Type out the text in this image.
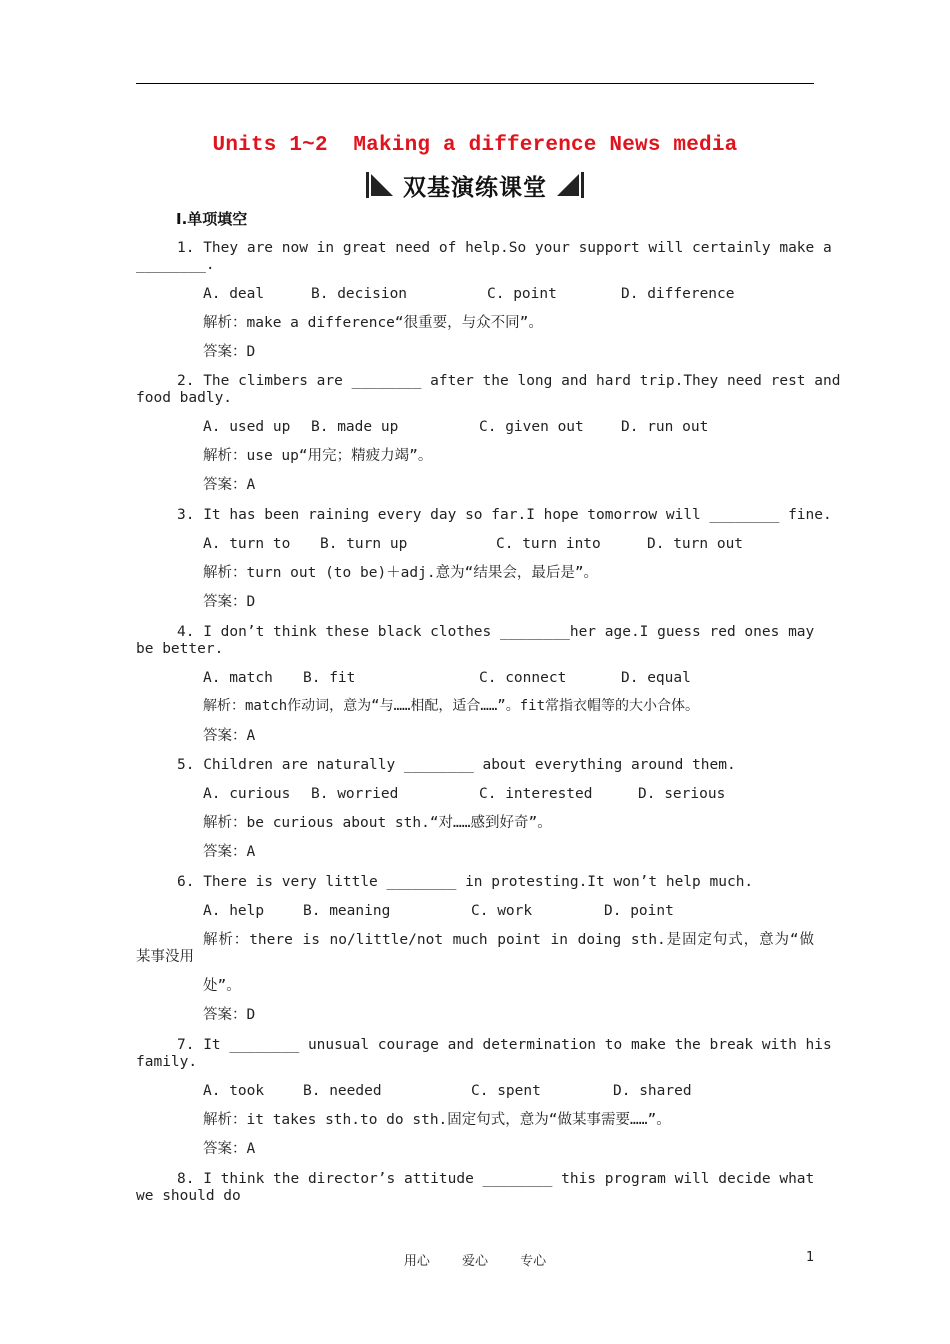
Units 1~2  Making a difference News media
双基演练课堂
Ⅰ.单项填空
1. They are now in great need of help.So your support will certainly make a
________.
A. deal	B. decision	C. point	D. difference
解析：make a difference“很重要，与众不同”。
答案：D
2. The climbers are ________ after the long and hard trip.They need rest and
food badly.
A. used up B. made up	C. given out	D. run out
解析：use up“用完；精疲力竭”。
答案：A
3. It has been raining every day so far.I hope tomorrow will ________ fine.
A. turn to B. turn up	C. turn into	D. turn out
解析：turn out (to be)＋adj.意为“结果会，最后是”。
答案：D
4. I don’t think these black clothes ________her age.I guess red ones may
be better.
A. match B. fit	C. connect	D. equal
解析：match作动词，意为“与……相配，适合……”。fit常指衣帽等的大小合体。
答案：A
5. Children are naturally ________ about everything around them.
A. curious B. worried	C. interested	D. serious
解析：be curious about sth.“对……感到好奇”。
答案：A
6. There is very little ________ in protesting.It won’t help much.
A. help	B. meaning	C. work	D. point
解析：there is no/little/not much point in doing sth.是固定句式，意为“做
某事没用
处”。
答案：D
7. It ________ unusual courage and determination to make the break with his
family.
A. took	B. needed	C. spent	D. shared
解析：it takes sth.to do sth.固定句式，意为“做某事需要……”。
答案：A
8. I think the director’s attitude ________ this program will decide what
we should do
用心 爱心 专心	1
